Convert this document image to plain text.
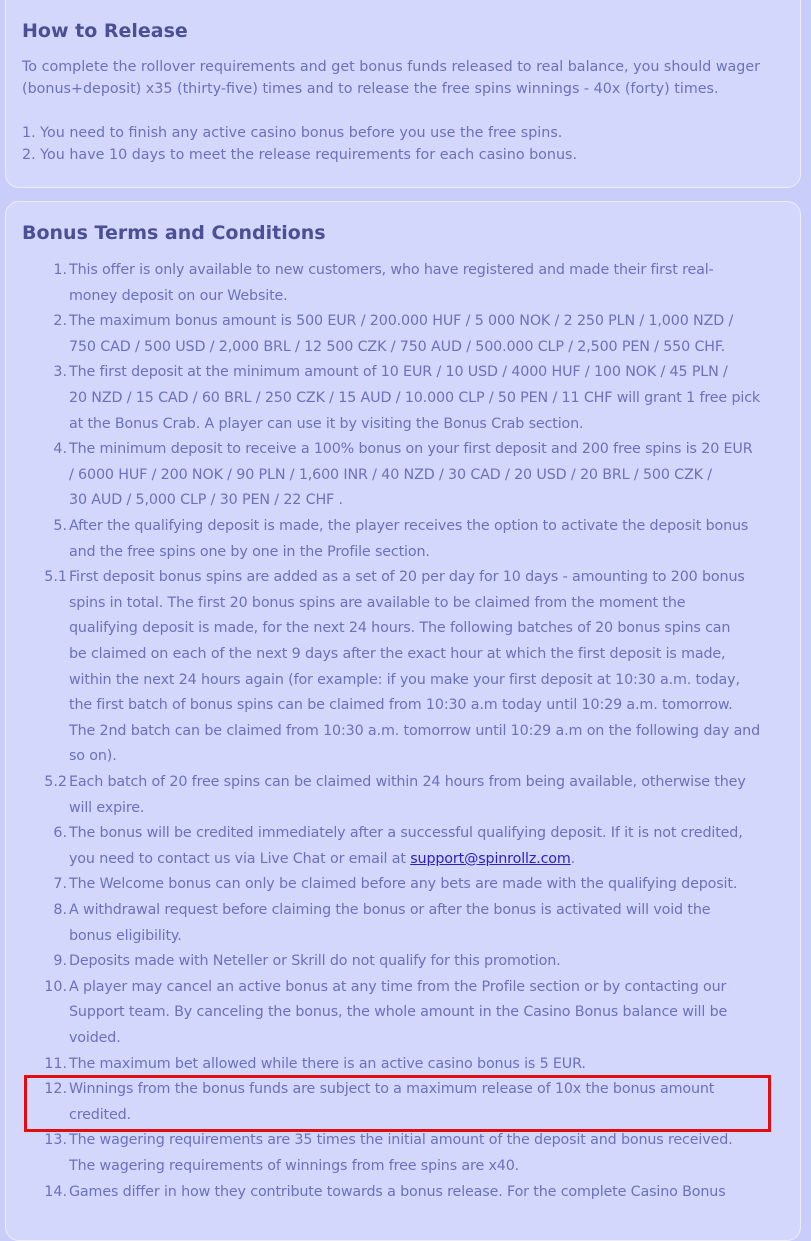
How to Release

To complete the rollover requirements and get bonus funds released to real balance, you should wager
(bonus+deposit) x35 (thirty-five) times and to release the free spins winnings - 40x (forty) times.

1. You need to finish any active casino bonus before you use the free spins.
2. You have 10 days to meet the release requirements for each casino bonus.

Bonus Terms and Conditions
1. This offer is only available to new customers, who have registered and made their first real-
money deposit on our Website.
2. The maximum bonus amount is 500 EUR / 200.000 HUF / 5 000 NOK / 2 250 PLN / 1,000 NZD /
750 CAD / 500 USD / 2,000 BRL / 12 500 CZK / 750 AUD / 500.000 CLP / 2,500 PEN / 550 CHF.
3. The first deposit at the minimum amount of 10 EUR / 10 USD / 4000 HUF / 100 NOK / 45 PLN /
20 NZD / 15 CAD / 60 BRL / 250 CZK / 15 AUD / 10.000 CLP / 50 PEN / 11 CHF will grant 1 free pick
at the Bonus Crab. A player can use it by visiting the Bonus Crab section.
4. The minimum deposit to receive a 100% bonus on your first deposit and 200 free spins is 20 EUR
/ 6000 HUF / 200 NOK / 90 PLN / 1,600 INR / 40 NZD / 30 CAD / 20 USD / 20 BRL / 500 CZK /
30 AUD / 5,000 CLP / 30 PEN / 22 CHF .
5. After the qualifying deposit is made, the player receives the option to activate the deposit bonus
and the free spins one by one in the Profile section.
5.1 First deposit bonus spins are added as a set of 20 per day for 10 days - amounting to 200 bonus
spins in total. The first 20 bonus spins are available to be claimed from the moment the
qualifying deposit is made, for the next 24 hours. The following batches of 20 bonus spins can
be claimed on each of the next 9 days after the exact hour at which the first deposit is made,
within the next 24 hours again (for example: if you make your first deposit at 10:30 a.m. today,
the first batch of bonus spins can be claimed from 10:30 a.m today until 10:29 a.m. tomorrow.
The 2nd batch can be claimed from 10:30 a.m. tomorrow until 10:29 a.m on the following day and
so on).
5.2 Each batch of 20 free spins can be claimed within 24 hours from being available, otherwise they
will expire.
6. The bonus will be credited immediately after a successful qualifying deposit. If it is not credited,
you need to contact us via Live Chat or email at support@spinrollz.com.
7. The Welcome bonus can only be claimed before any bets are made with the qualifying deposit.
8. A withdrawal request before claiming the bonus or after the bonus is activated will void the
bonus eligibility.
9. Deposits made with Neteller or Skrill do not qualify for this promotion.
10. A player may cancel an active bonus at any time from the Profile section or by contacting our
Support team. By canceling the bonus, the whole amount in the Casino Bonus balance will be
voided.
11. The maximum bet allowed while there is an active casino bonus is 5 EUR.
12. Winnings from the bonus funds are subject to a maximum release of 10x the bonus amount
credited.
13. The wagering requirements are 35 times the initial amount of the deposit and bonus received.
The wagering requirements of winnings from free spins are x40.
14. Games differ in how they contribute towards a bonus release. For the complete Casino Bonus
